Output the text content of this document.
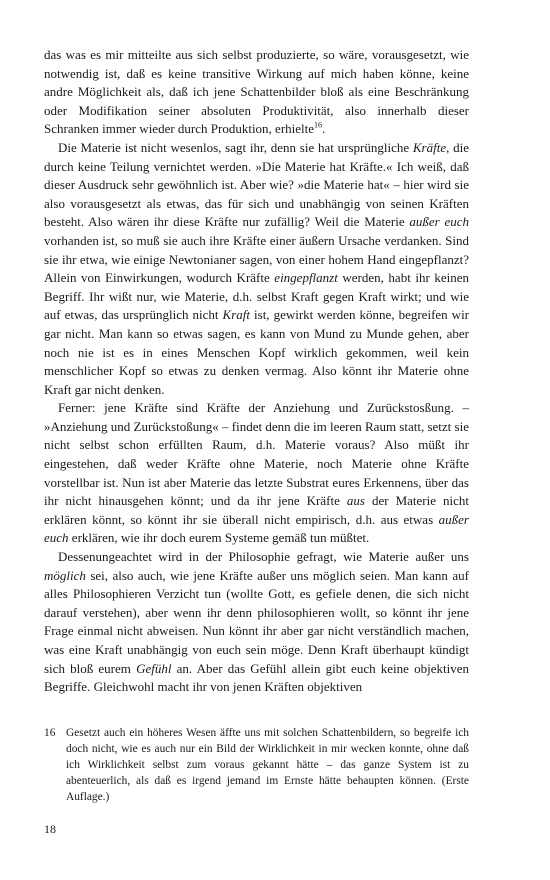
das was es mir mitteilte aus sich selbst produzierte, so wäre, vorausgesetzt, wie notwendig ist, daß es keine transitive Wirkung auf mich haben könne, keine andre Möglichkeit als, daß ich jene Schattenbilder bloß als eine Beschränkung oder Modifikation seiner absoluten Produktivität, also innerhalb dieser Schranken immer wieder durch Produktion, erhielte$^{16}$.

Die Materie ist nicht wesenlos, sagt ihr, denn sie hat ursprüngliche Kräfte, die durch keine Teilung vernichtet werden. »Die Materie hat Kräfte.« Ich weiß, daß dieser Ausdruck sehr gewöhnlich ist. Aber wie? »die Materie hat« – hier wird sie also vorausgesetzt als etwas, das für sich und unabhängig von seinen Kräften besteht. Also wären ihr diese Kräfte nur zufällig? Weil die Materie außer euch vorhanden ist, so muß sie auch ihre Kräfte einer äußern Ursache verdanken. Sind sie ihr etwa, wie einige Newtonianer sagen, von einer hohem Hand eingepflanzt? Allein von Einwirkungen, wodurch Kräfte eingepflanzt werden, habt ihr keinen Begriff. Ihr wißt nur, wie Materie, d.h. selbst Kraft gegen Kraft wirkt; und wie auf etwas, das ursprünglich nicht Kraft ist, gewirkt werden könne, begreifen wir gar nicht. Man kann so etwas sagen, es kann von Mund zu Munde gehen, aber noch nie ist es in eines Menschen Kopf wirklich gekommen, weil kein menschlicher Kopf so etwas zu denken vermag. Also könnt ihr Materie ohne Kraft gar nicht denken.

Ferner: jene Kräfte sind Kräfte der Anziehung und Zurückstosßung. – »Anziehung und Zurückstoßung« – findet denn die im leeren Raum statt, setzt sie nicht selbst schon erfüllten Raum, d.h. Materie voraus? Also müßt ihr eingestehen, daß weder Kräfte ohne Materie, noch Materie ohne Kräfte vorstellbar ist. Nun ist aber Materie das letzte Substrat eures Erkennens, über das ihr nicht hinausgehen könnt; und da ihr jene Kräfte aus der Materie nicht erklären könnt, so könnt ihr sie überall nicht empirisch, d.h. aus etwas außer euch erklären, wie ihr doch eurem Systeme gemäß tun müßtet.

Dessenungeachtet wird in der Philosophie gefragt, wie Materie außer uns möglich sei, also auch, wie jene Kräfte außer uns möglich seien. Man kann auf alles Philosophieren Verzicht tun (wollte Gott, es gefiele denen, die sich nicht darauf verstehen), aber wenn ihr denn philosophieren wollt, so könnt ihr jene Frage einmal nicht abweisen. Nun könnt ihr aber gar nicht verständlich machen, was eine Kraft unabhängig von euch sein möge. Denn Kraft überhaupt kündigt sich bloß eurem Gefühl an. Aber das Gefühl allein gibt euch keine objektiven Begriffe. Gleichwohl macht ihr von jenen Kräften objektiven

16 Gesetzt auch ein höheres Wesen äffte uns mit solchen Schattenbildern, so begreife ich doch nicht, wie es auch nur ein Bild der Wirklichkeit in mir wecken konnte, ohne daß ich Wirklichkeit selbst zum voraus gekannt hätte – das ganze System ist zu abenteuerlich, als daß es irgend jemand im Ernste hätte behaupten können. (Erste Auflage.)

18
